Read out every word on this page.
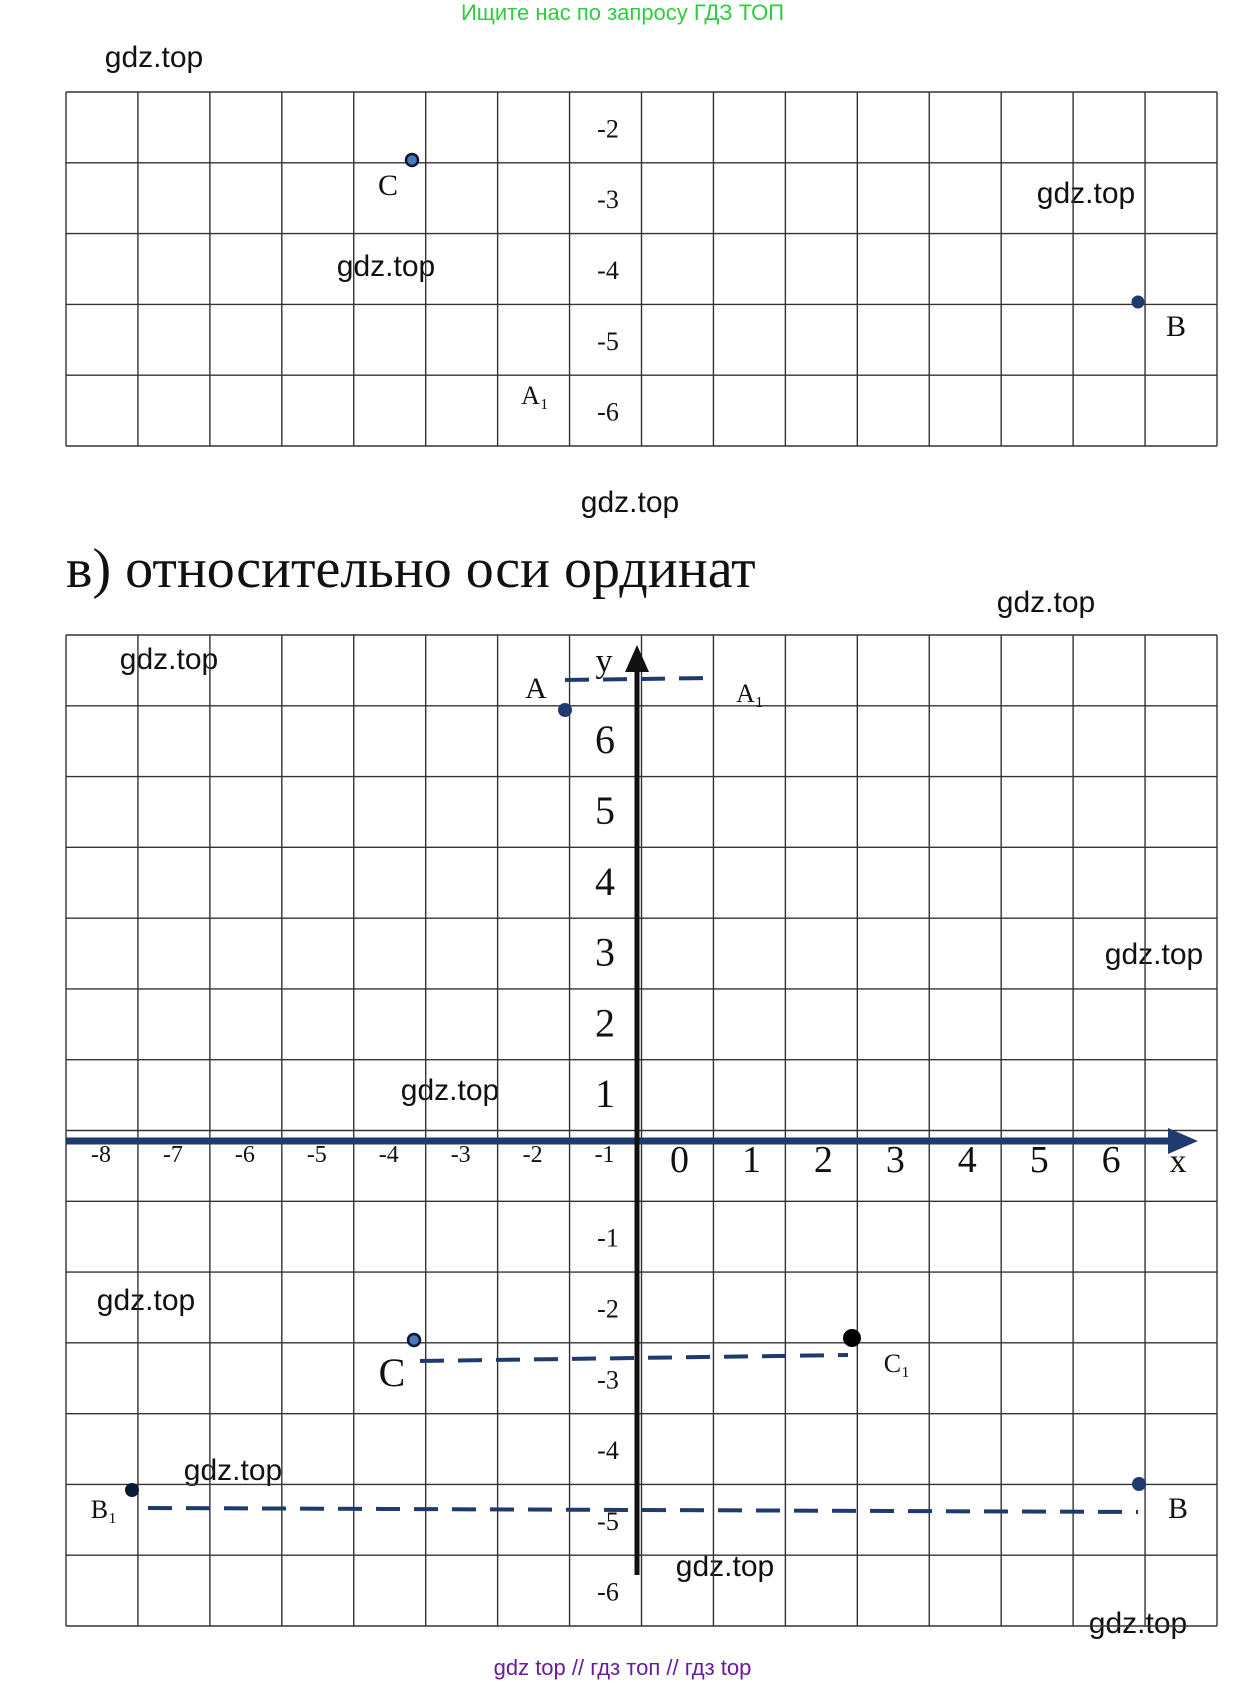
Ищите нас по запросу ГДЗ ТОП

gdz.top
gdz.top
gdz.top
gdz.top
gdz.top
gdz.top
gdz.top
gdz.top
gdz.top
gdz.top
gdz.top
gdz.top
-2
-3
-4
-5
-6
C
B
A₁
y
x
6
5
4
3
2
1
-1
-2
-3
-4
-5
-6
-8 -7 -6 -5 -4 -3 -2 -1 0 1 2 3 4 5 6
A	A₁
C	C₁
B
B₁

в) относительно оси ординат

gdz top // гдз топ // гдз top
